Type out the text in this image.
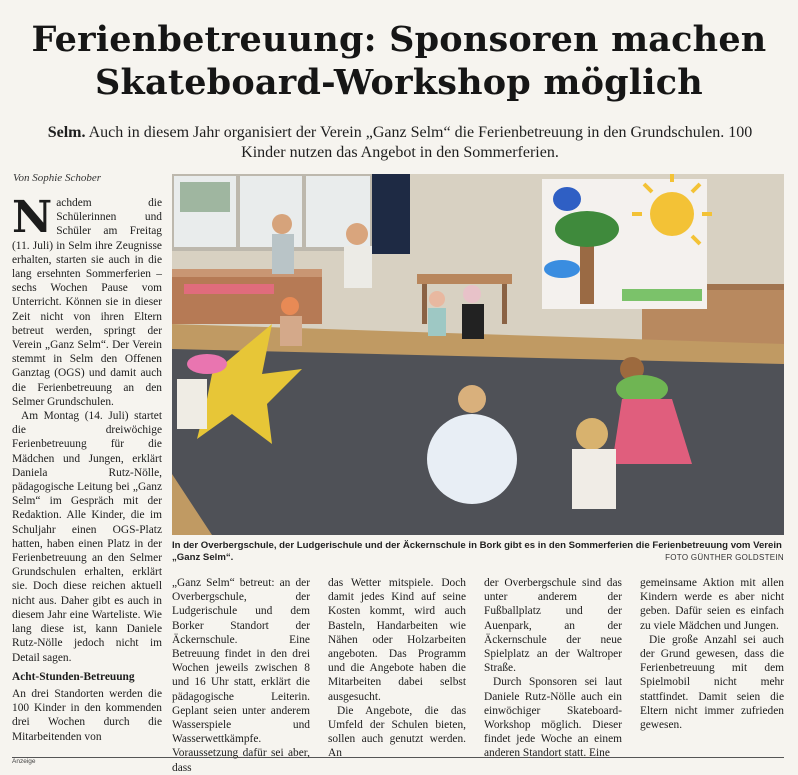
Ferienbetreuung: Sponsoren machen
Skateboard-Workshop möglich

Selm. Auch in diesem Jahr organisiert der Verein „Ganz Selm“ die Ferienbetreuung in den Grundschulen. 100 Kinder nutzen das Angebot in den Sommerferien.

Von Sophie Schober

Nachdem die Schülerinnen und Schüler am Freitag (11. Juli) in Selm ihre Zeugnisse erhalten, starten sie auch in die lang ersehnten Sommerferien – sechs Wochen Pause vom Unterricht. Können sie in dieser Zeit nicht von ihren Eltern betreut werden, springt der Verein „Ganz Selm“. Der Verein stemmt in Selm den Offenen Ganztag (OGS) und damit auch die Ferienbetreuung an den Selmer Grundschulen.

Am Montag (14. Juli) startet die dreiwöchige Ferienbetreuung für die Mädchen und Jungen, erklärt Daniela Rutz-Nölle, pädagogische Leitung bei „Ganz Selm“ im Gespräch mit der Redaktion. Alle Kinder, die im Schuljahr einen OGS-Platz hatten, haben einen Platz in der Ferienbetreuung an den Selmer Grundschulen erhalten, erklärt sie. Doch diese reichen aktuell nicht aus. Daher gibt es auch in diesem Jahr eine Warteliste. Wie lang diese ist, kann Daniele Rutz-Nölle jedoch nicht im Detail sagen.

Acht-Stunden-Betreuung

An drei Standorten werden die 100 Kinder in den kommenden drei Wochen durch die Mitarbeitenden von

In der Overbergschule, der Ludgerischule und der Äckernschule in Bork gibt es in den Sommerferien die Ferienbetreuung vom Verein „Ganz Selm“.	FOTO GÜNTHER GOLDSTEIN

„Ganz Selm“ betreut: an der Overbergschule, der Ludgerischule und dem Borker Standort der Äckernschule. Eine Betreuung findet in den drei Wochen jeweils zwischen 8 und 16 Uhr statt, erklärt die pädagogische Leiterin. Geplant seien unter anderem Wasserspiele und Wasserwettkämpfe. Voraussetzung dafür sei aber, dass

das Wetter mitspiele. Doch damit jedes Kind auf seine Kosten kommt, wird auch Basteln, Handarbeiten wie Nähen oder Holzarbeiten angeboten. Das Programm und die Angebote haben die Mitarbeiten dabei selbst ausgesucht.

Die Angebote, die das Umfeld der Schulen bieten, sollen auch genutzt werden. An

der Overbergschule sind das unter anderem der Fußballplatz und der Auenpark, an der Äckernschule der neue Spielplatz an der Waltroper Straße.

Durch Sponsoren sei laut Daniele Rutz-Nölle auch ein einwöchiger Skateboard-Workshop möglich. Dieser findet jede Woche an einem anderen Standort statt. Eine

gemeinsame Aktion mit allen Kindern werde es aber nicht geben. Dafür seien es einfach zu viele Mädchen und Jungen.

Die große Anzahl sei auch der Grund gewesen, dass die Ferienbetreuung mit dem Spielmobil nicht mehr stattfindet. Damit seien die Eltern nicht immer zufrieden gewesen.

Anzeige
